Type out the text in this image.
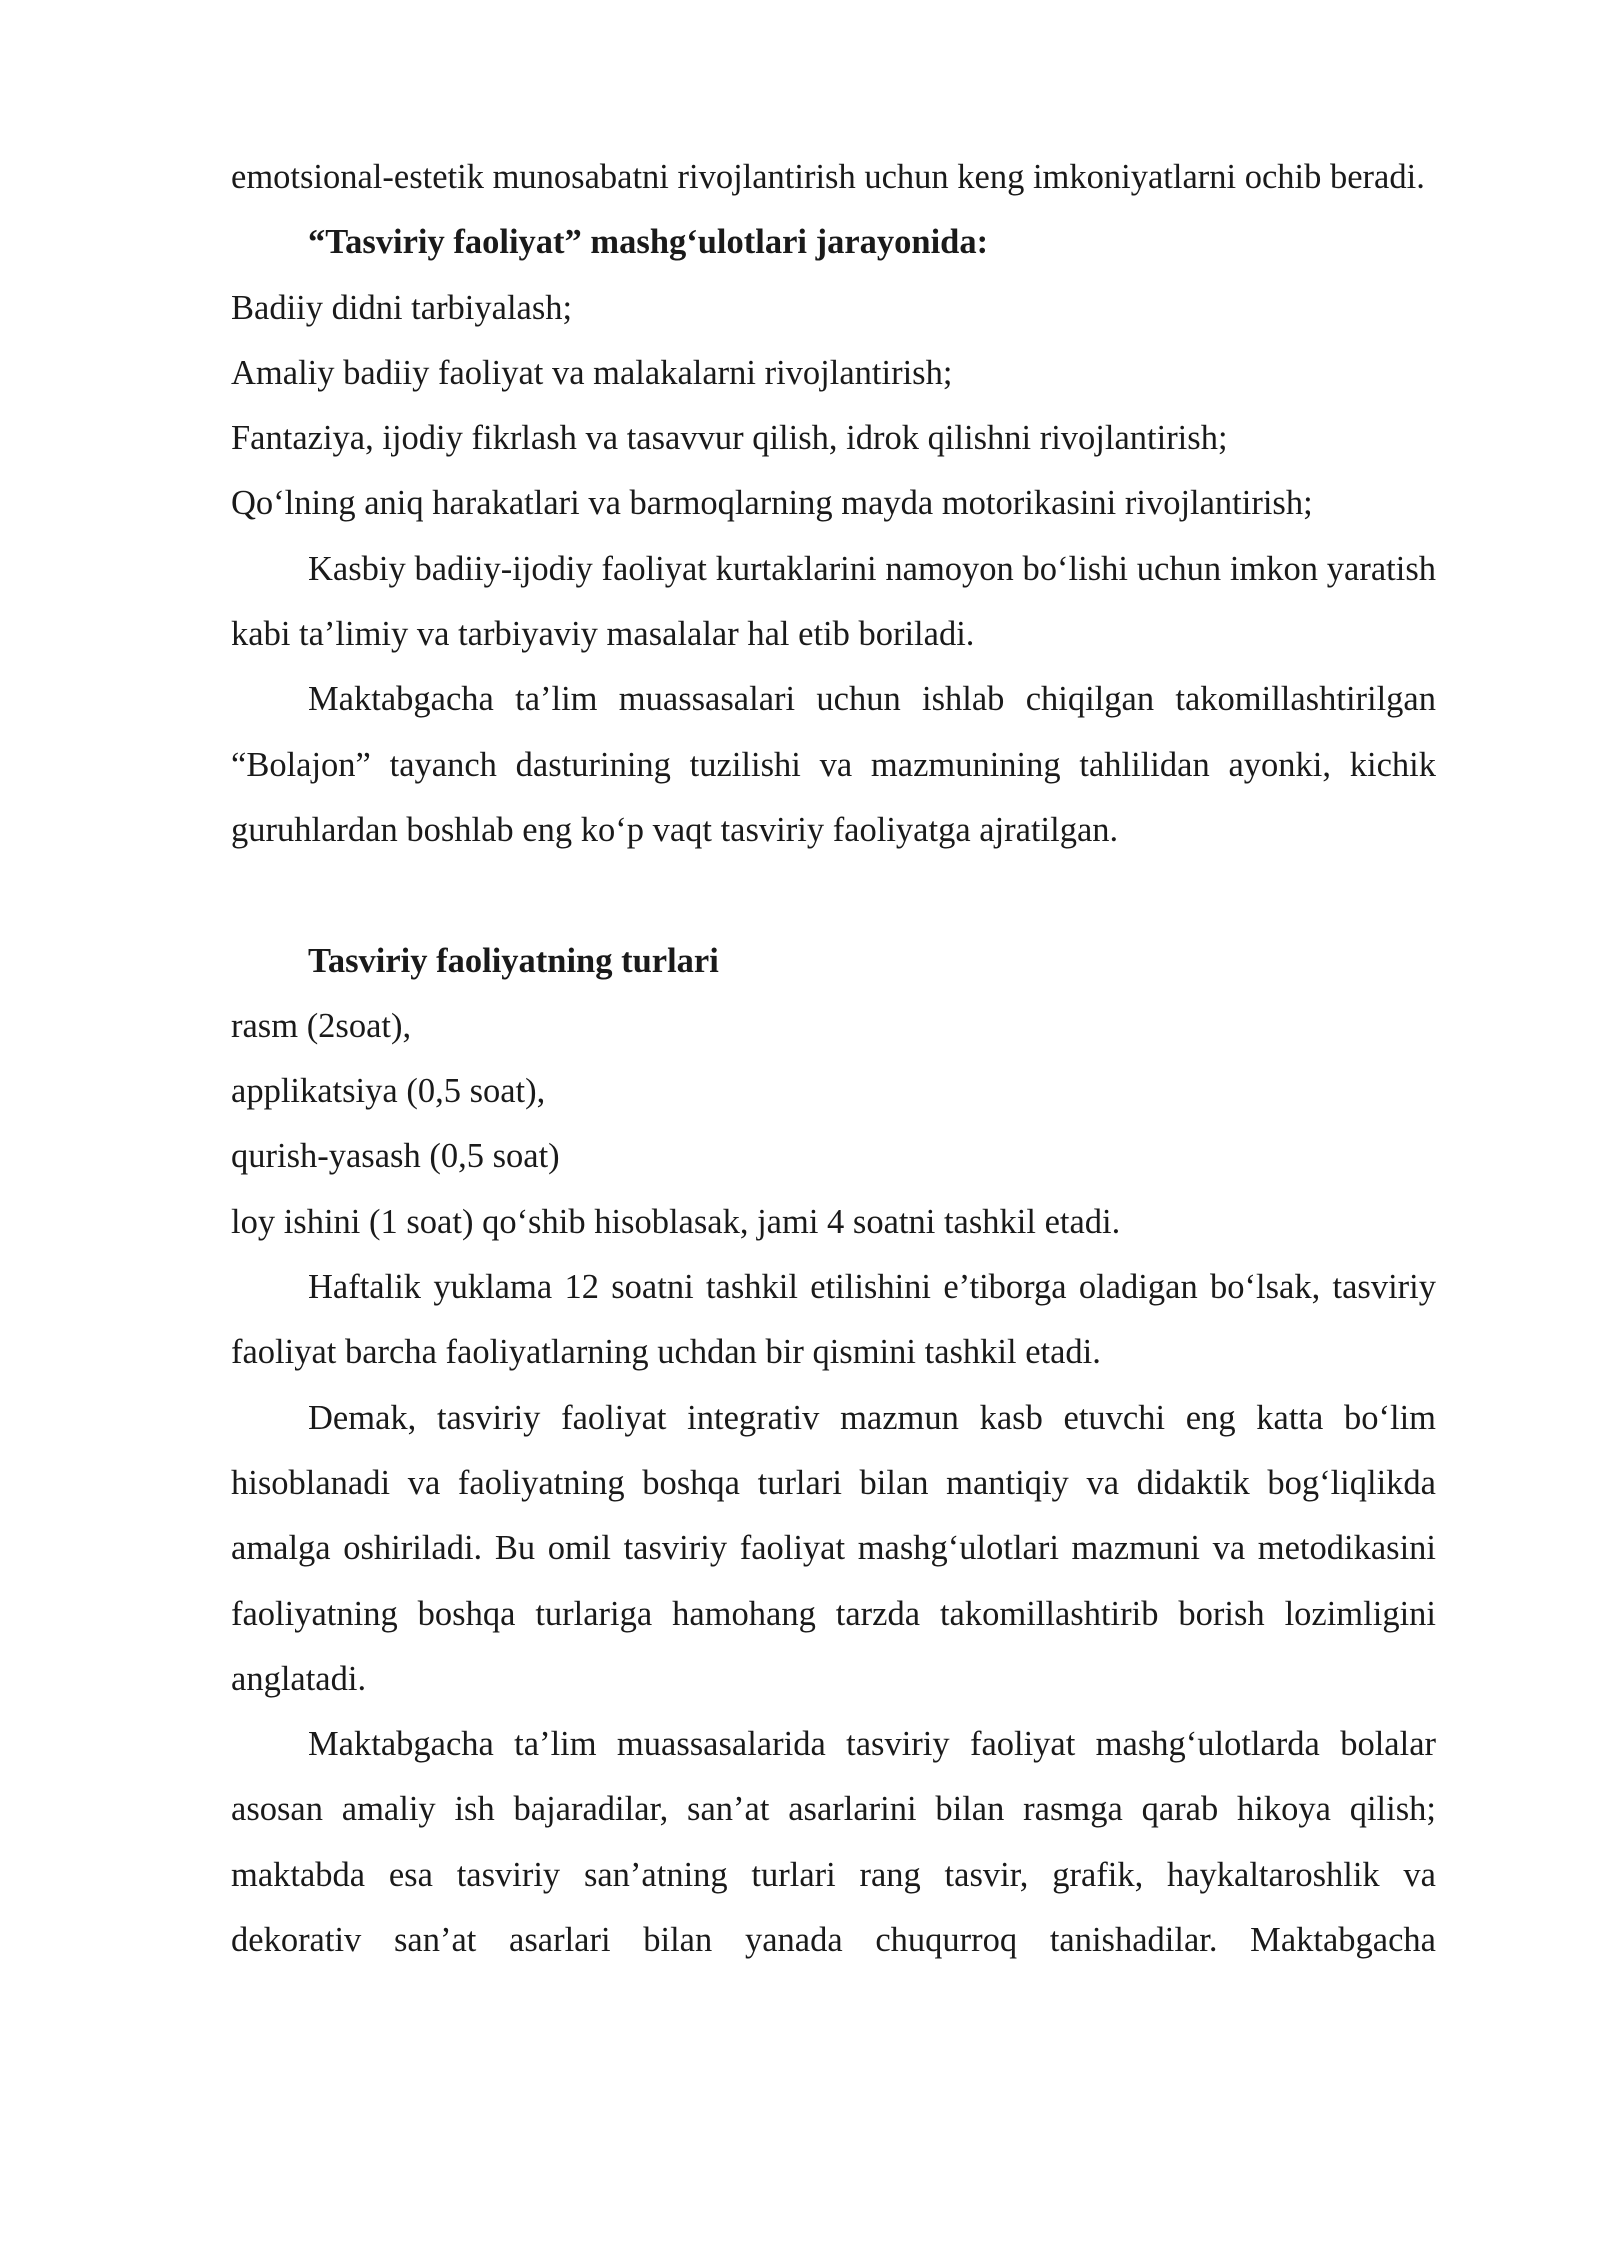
emotsional-estetik munosabatni rivojlantirish uchun keng imkoniyatlarni ochib beradi.

“Tasviriy faoliyat” mashg‘ulotlari jarayonida:

Badiiy didni tarbiyalash;

Amaliy badiiy faoliyat va malakalarni rivojlantirish;

Fantaziya, ijodiy fikrlash va tasavvur qilish, idrok qilishni rivojlantirish;

Qo‘lning aniq harakatlari va barmoqlarning mayda motorikasini rivojlantirish;

Kasbiy badiiy-ijodiy faoliyat kurtaklarini namoyon bo‘lishi uchun imkon yaratish kabi ta’limiy va tarbiyaviy masalalar hal etib boriladi.

Maktabgacha ta’lim muassasalari uchun ishlab chiqilgan takomillashtirilgan “Bolajon” tayanch dasturining tuzilishi va mazmunining tahlilidan ayonki, kichik guruhlardan boshlab eng ko‘p vaqt tasviriy faoliyatga ajratilgan.

Tasviriy faoliyatning turlari

rasm (2soat),

applikatsiya (0,5 soat),

qurish-yasash (0,5 soat)

loy ishini (1 soat) qo‘shib hisoblasak, jami 4 soatni tashkil etadi.

Haftalik yuklama 12 soatni tashkil etilishini e’tiborga oladigan bo‘lsak, tasviriy faoliyat barcha faoliyatlarning uchdan bir qismini tashkil etadi.

Demak, tasviriy faoliyat integrativ mazmun kasb etuvchi eng katta bo‘lim hisoblanadi va faoliyatning boshqa turlari bilan mantiqiy va didaktik bog‘liqlikda amalga oshiriladi. Bu omil tasviriy faoliyat mashg‘ulotlari mazmuni va metodikasini faoliyatning boshqa turlariga hamohang tarzda takomillashtirib borish lozimligini anglatadi.

Maktabgacha ta’lim muassasalarida tasviriy faoliyat mashg‘ulotlarda bolalar asosan amaliy ish bajaradilar, san’at asarlarini bilan rasmga qarab hikoya qilish; maktabda esa tasviriy san’atning turlari rang tasvir, grafik, haykaltaroshlik va dekorativ san’at asarlari bilan yanada chuqurroq tanishadilar. Maktabgacha
